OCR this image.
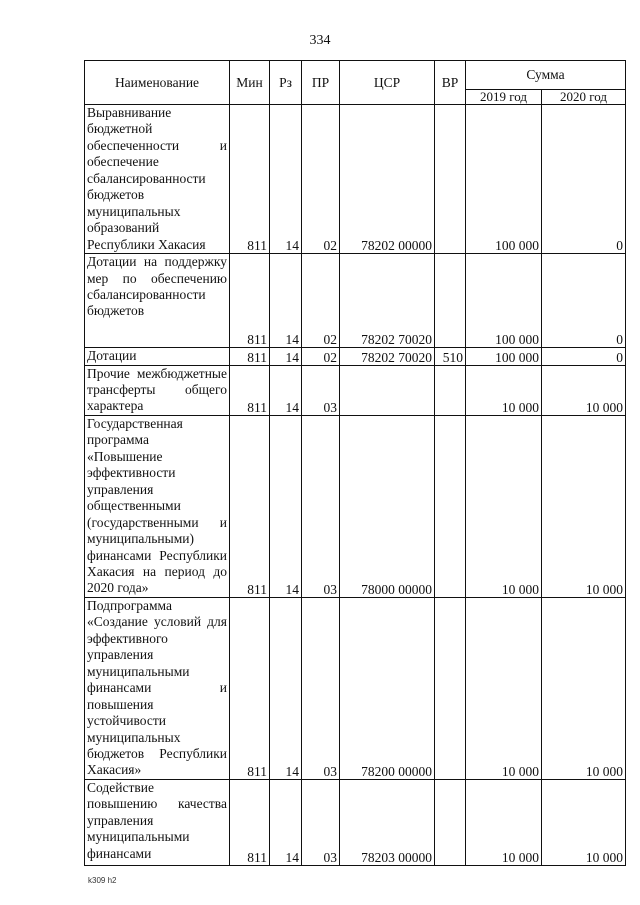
334
Наименование	Мин	Рз	ПР	ЦСР	ВР	Сумма	
						2019 год	2020 год
Выравнивание бюджетной обеспеченности и обеспечение сбалансированности бюджетов муниципальных образований Республики Хакасия	811	14	02	78202 00000		100 000	0
Дотации на поддержку мер по обеспечению сбалансированности бюджетов	811	14	02	78202 70020		100 000	0
Дотации	811	14	02	78202 70020	510	100 000	0
Прочие межбюджетные трансферты общего характера	811	14	03			10 000	10 000
Государственная программа «Повышение эффективности управления общественными (государственными и муниципальными) финансами Республики Хакасия на период до 2020 года»	811	14	03	78000 00000		10 000	10 000
Подпрограмма «Создание условий для эффективного управления муниципальными финансами и повышения устойчивости муниципальных бюджетов Республики Хакасия»	811	14	03	78200 00000		10 000	10 000
Содействие повышению качества управления муниципальными финансами	811	14	03	78203 00000		10 000	10 000
k309 h2
